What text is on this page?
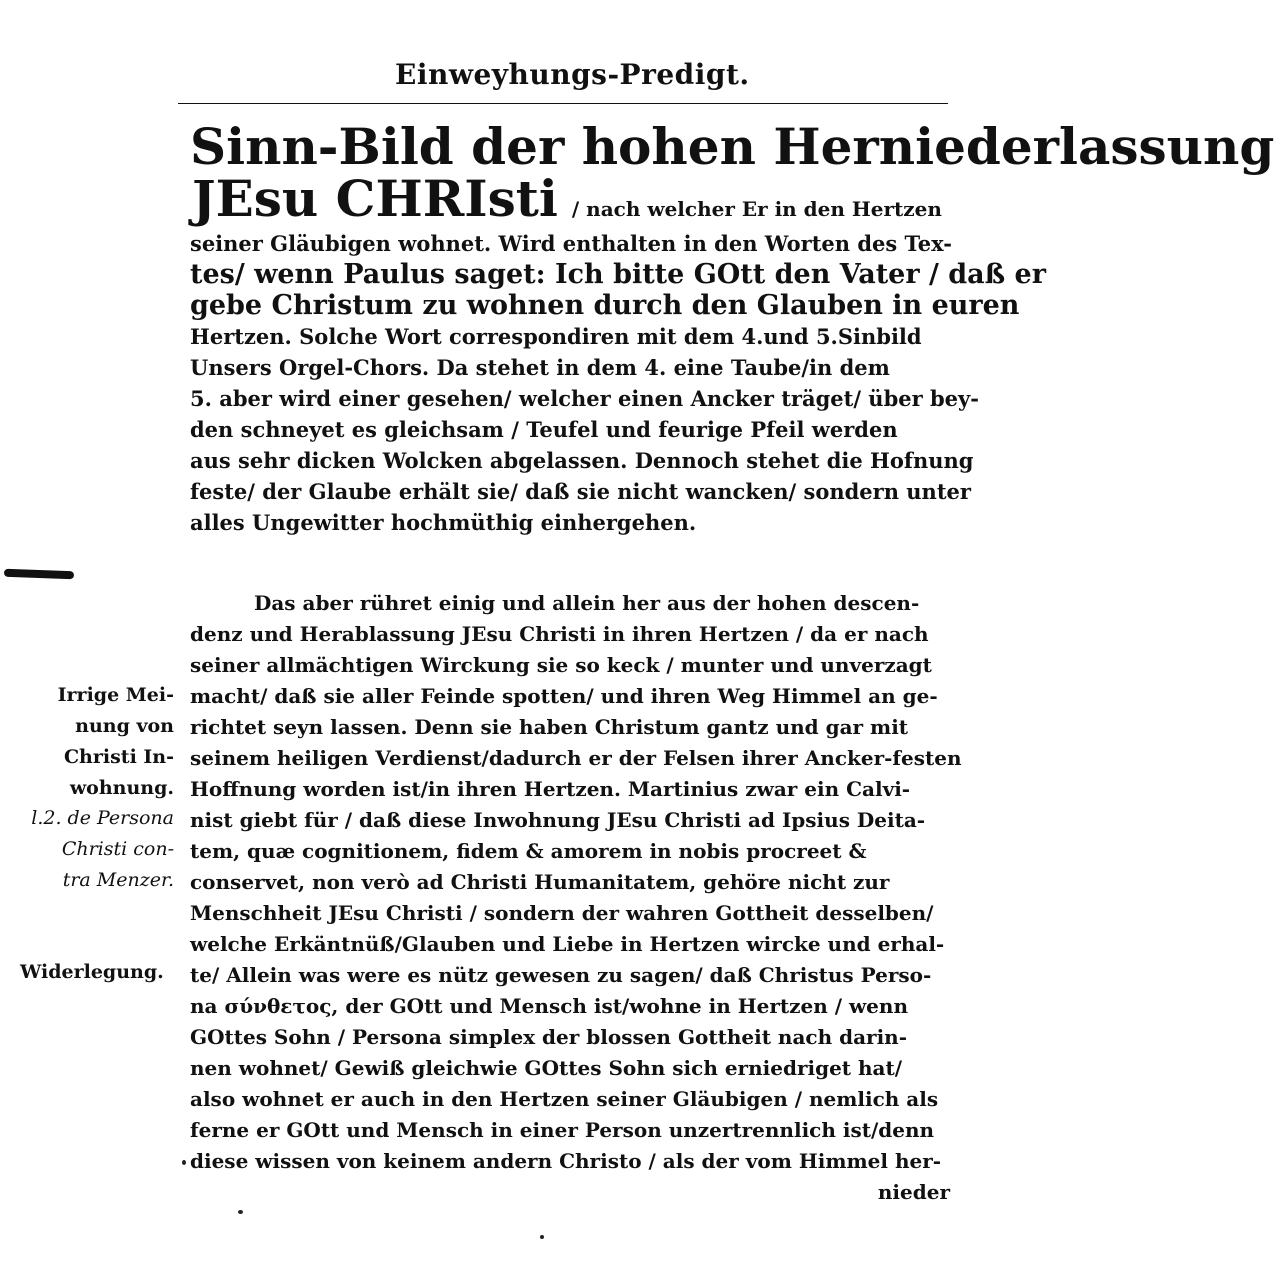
Einweyhungs-Predigt.
Sinn-Bild der hohen Herniederlassung
JEsu CHRIsti / nach welcher Er in den Hertzen
seiner Gläubigen wohnet. Wird enthalten in den Worten des Tex-
tes/ wenn Paulus saget: Ich bitte GOtt den Vater / daß er
gebe Christum zu wohnen durch den Glauben in euren
Hertzen. Solche Wort correspondiren mit dem 4.und 5.Sinbild
Unsers Orgel-Chors. Da stehet in dem 4. eine Taube/in dem
5. aber wird einer gesehen/ welcher einen Ancker träget/ über bey-
den schneyet es gleichsam / Teufel und feurige Pfeil werden
aus sehr dicken Wolcken abgelassen. Dennoch stehet die Hofnung
feste/ der Glaube erhält sie/ daß sie nicht wancken/ sondern unter
alles Ungewitter hochmüthig einhergehen.
Das aber rühret einig und allein her aus der hohen descen-
denz und Herablassung JEsu Christi in ihren Hertzen / da er nach
seiner allmächtigen Wirckung sie so keck / munter und unverzagt
macht/ daß sie aller Feinde spotten/ und ihren Weg Himmel an ge-
richtet seyn lassen. Denn sie haben Christum gantz und gar mit
seinem heiligen Verdienst/dadurch er der Felsen ihrer Ancker-festen
Hoffnung worden ist/in ihren Hertzen. Martinius zwar ein Calvi-
nist giebt für / daß diese Inwohnung JEsu Christi ad Ipsius Deita-
tem, quæ cognitionem, fidem & amorem in nobis procreet &
conservet, non verò ad Christi Humanitatem, gehöre nicht zur
Menschheit JEsu Christi / sondern der wahren Gottheit desselben/
welche Erkäntnüß/Glauben und Liebe in Hertzen wircke und erhal-
te/ Allein was were es nütz gewesen zu sagen/ daß Christus Perso-
na σύνθετος, der GOtt und Mensch ist/wohne in Hertzen / wenn
GOttes Sohn / Persona simplex der blossen Gottheit nach darin-
nen wohnet/ Gewiß gleichwie GOttes Sohn sich erniedriget hat/
also wohnet er auch in den Hertzen seiner Gläubigen / nemlich als
ferne er GOtt und Mensch in einer Person unzertrennlich ist/denn
diese wissen von keinem andern Christo / als der vom Himmel her-
nieder
Irrige Mei-
nung von
Christi In-
wohnung.
l.2. de Persona
Christi con-
tra Menzer.
Widerlegung.
